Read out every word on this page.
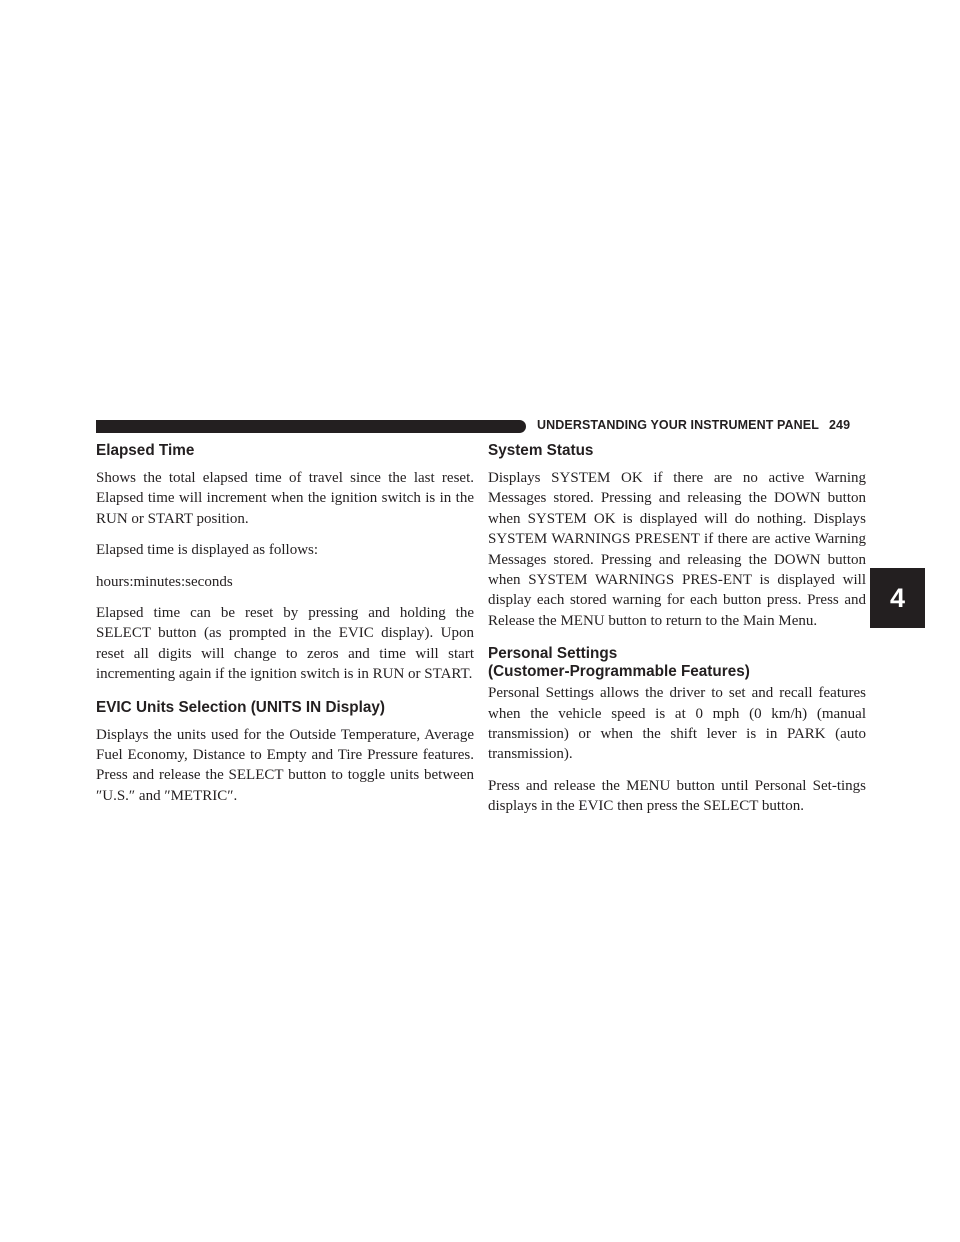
UNDERSTANDING YOUR INSTRUMENT PANEL 249
4
Elapsed Time

Shows the total elapsed time of travel since the last reset. Elapsed time will increment when the ignition switch is in the RUN or START position.

Elapsed time is displayed as follows:

hours:minutes:seconds

Elapsed time can be reset by pressing and holding the SELECT button (as prompted in the EVIC display). Upon reset all digits will change to zeros and time will start incrementing again if the ignition switch is in RUN or START.

EVIC Units Selection (UNITS IN Display)

Displays the units used for the Outside Temperature, Average Fuel Economy, Distance to Empty and Tire Pressure features. Press and release the SELECT button to toggle units between ″U.S.″ and ″METRIC″.

System Status

Displays SYSTEM OK if there are no active Warning Messages stored. Pressing and releasing the DOWN button when SYSTEM OK is displayed will do nothing. Displays SYSTEM WARNINGS PRESENT if there are active Warning Messages stored. Pressing and releasing the DOWN button when SYSTEM WARNINGS PRES-ENT is displayed will display each stored warning for each button press. Press and Release the MENU button to return to the Main Menu.

Personal Settings
(Customer-Programmable Features)

Personal Settings allows the driver to set and recall features when the vehicle speed is at 0 mph (0 km/h) (manual transmission) or when the shift lever is in PARK (auto transmission).

Press and release the MENU button until Personal Set-tings displays in the EVIC then press the SELECT button.
